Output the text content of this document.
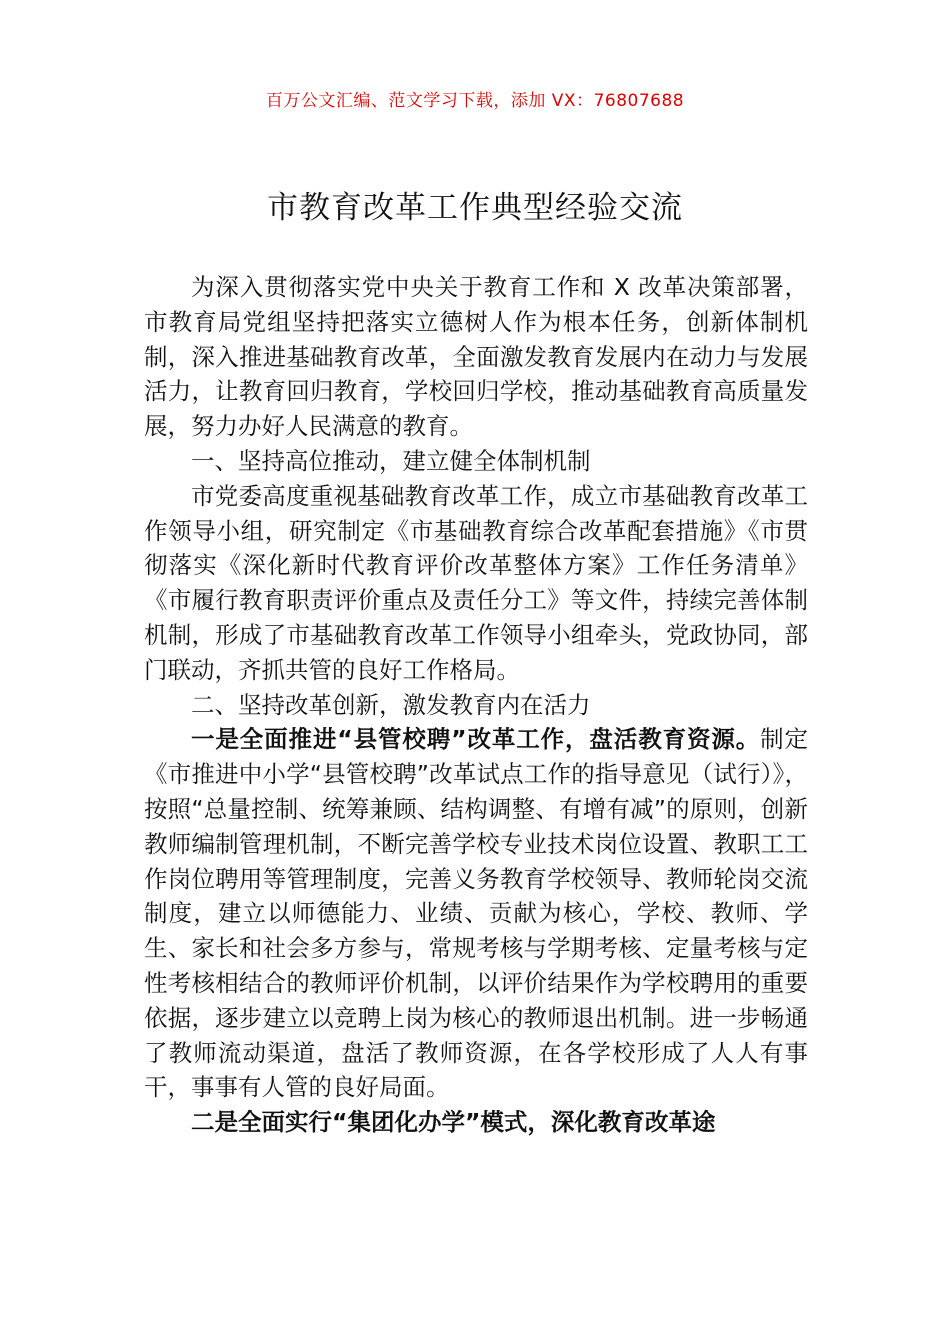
百万公文汇编、范文学习下载，添加 VX：76807688
市教育改革工作典型经验交流

为深入贯彻落实党中央关于教育工作和 X 改革决策部署，市教育局党组坚持把落实立德树人作为根本任务，创新体制机制，深入推进基础教育改革，全面激发教育发展内在动力与发展活力，让教育回归教育，学校回归学校，推动基础教育高质量发展，努力办好人民满意的教育。

一、坚持高位推动，建立健全体制机制

市党委高度重视基础教育改革工作，成立市基础教育改革工作领导小组，研究制定《市基础教育综合改革配套措施》《市贯彻落实《深化新时代教育评价改革整体方案》工作任务清单》《市履行教育职责评价重点及责任分工》等文件，持续完善体制机制，形成了市基础教育改革工作领导小组牵头，党政协同，部门联动，齐抓共管的良好工作格局。

二、坚持改革创新，激发教育内在活力

一是全面推进“县管校聘”改革工作，盘活教育资源。制定《市推进中小学“县管校聘”改革试点工作的指导意见（试行）》，按照“总量控制、统筹兼顾、结构调整、有增有减”的原则，创新教师编制管理机制，不断完善学校专业技术岗位设置、教职工工作岗位聘用等管理制度，完善义务教育学校领导、教师轮岗交流制度，建立以师德能力、业绩、贡献为核心，学校、教师、学生、家长和社会多方参与，常规考核与学期考核、定量考核与定性考核相结合的教师评价机制，以评价结果作为学校聘用的重要依据，逐步建立以竞聘上岗为核心的教师退出机制。进一步畅通了教师流动渠道，盘活了教师资源，在各学校形成了人人有事干，事事有人管的良好局面。

二是全面实行“集团化办学”模式，深化教育改革途
